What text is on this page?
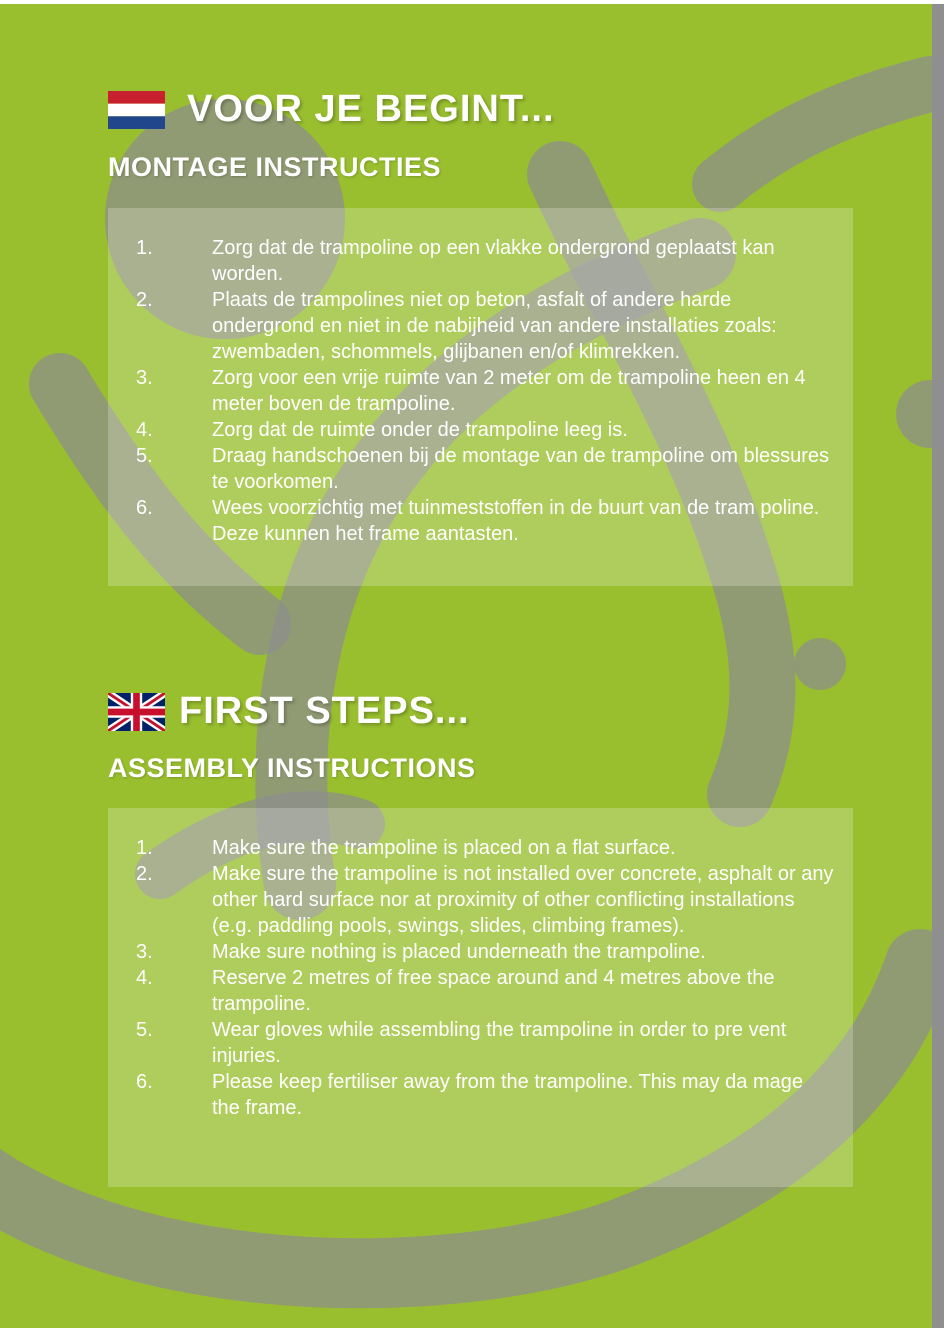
VOOR JE BEGINT...
MONTAGE INSTRUCTIES
1.	Zorg dat de trampoline op een vlakke ondergrond geplaatst kan worden.
2.	Plaats de trampolines niet op beton, asfalt of andere harde ondergrond en niet in de nabijheid van andere installaties zoals: zwembaden, schommels, glijbanen en/of klimrekken.
3.	Zorg voor een vrije ruimte van 2 meter om de trampoline heen en 4 meter boven de trampoline.
4.	Zorg dat de ruimte onder de trampoline leeg is.
5.	Draag handschoenen bij de montage van de trampoline om blessures te voorkomen.
6.	Wees voorzichtig met tuinmeststoffen in de buurt van de tram poline. Deze kunnen het frame aantasten.
FIRST STEPS...
ASSEMBLY INSTRUCTIONS
1.	Make sure the trampoline is placed on a flat surface.
2.	Make sure the trampoline is not installed over concrete, asphalt or any other hard surface nor at proximity of other conflicting installations (e.g. paddling pools, swings, slides, climbing frames).
3.	Make sure nothing is placed underneath the trampoline.
4.	Reserve 2 metres of free space around and 4 metres above the trampoline.
5.	Wear gloves while assembling the trampoline in order to pre vent injuries.
6.	Please keep fertiliser away from the trampoline. This may da mage the frame.
